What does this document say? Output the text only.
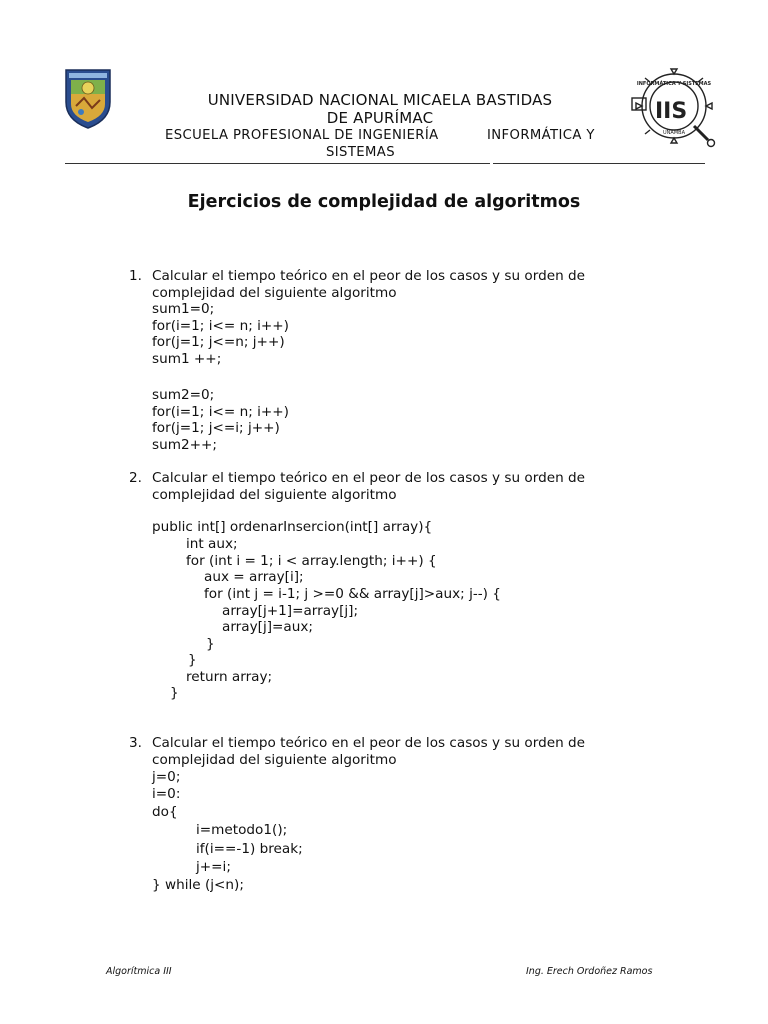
IIS
INFORMÁTICA Y SISTEMAS
UNAMBA
UNIVERSIDAD NACIONAL MICAELA BASTIDAS
DE APURÍMAC
ESCUELA PROFESIONAL DE INGENIERÍA	INFORMÁTICA Y
SISTEMAS
Ejercicios de complejidad de algoritmos
1. Calcular el tiempo teórico en el peor de los casos y su orden de
complejidad del siguiente algoritmo
sum1=0;
for(i=1; i<= n; i++)
for(j=1; j<=n; j++)
sum1 ++;
sum2=0;
for(i=1; i<= n; i++)
for(j=1; j<=i; j++)
sum2++;
2. Calcular el tiempo teórico en el peor de los casos y su orden de
complejidad del siguiente algoritmo
public int[] ordenarInsercion(int[] array){
int aux;
for (int i = 1; i < array.length; i++) {
aux = array[i];
for (int j = i-1; j >=0 && array[j]>aux; j--) {
array[j+1]=array[j];
array[j]=aux;
}
}
return array;
}
3. Calcular el tiempo teórico en el peor de los casos y su orden de
complejidad del siguiente algoritmo
j=0;
i=0:
do{
i=metodo1();
if(i==-1) break;
j+=i;
} while (j<n);
Algorítmica III	Ing. Erech Ordoñez Ramos
